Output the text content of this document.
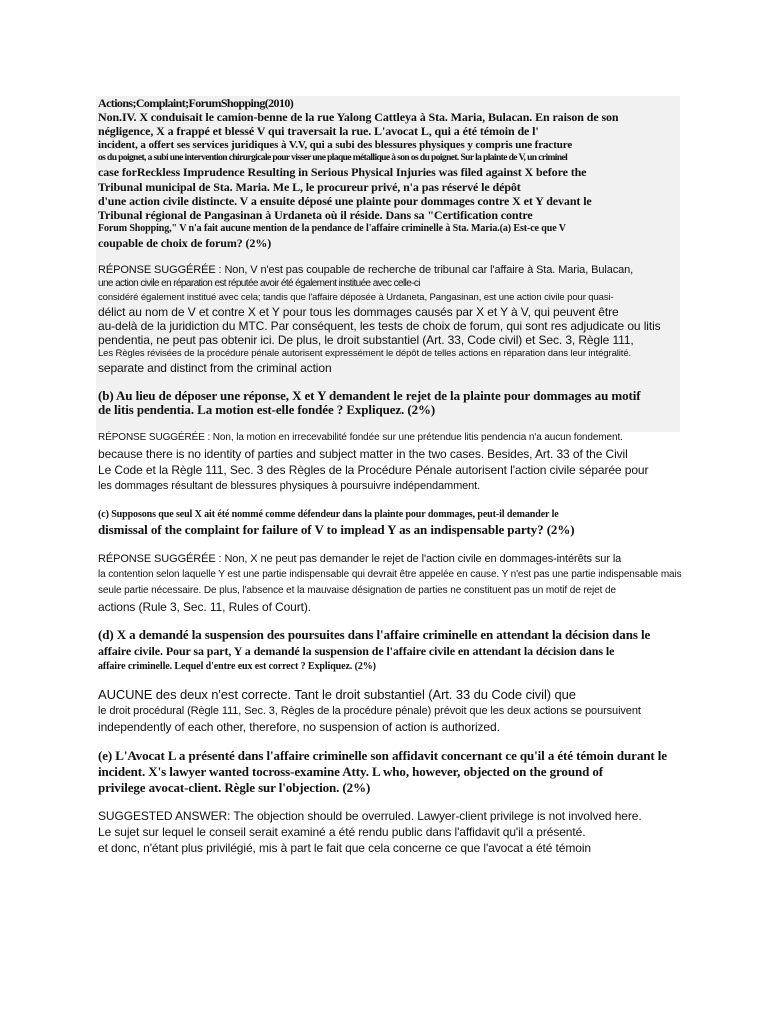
Actions;Complaint;ForumShopping(2010)
Non.IV. X conduisait le camion-benne de la rue Yalong Cattleya à Sta. Maria, Bulacan. En raison de son
négligence, X a frappé et blessé V qui traversait la rue. L'avocat L, qui a été témoin de l'
incident, a offert ses services juridiques à V.V, qui a subi des blessures physiques y compris une fracture
os du poignet, a subi une intervention chirurgicale pour visser une plaque métallique à son os du poignet. Sur la plainte de V, un criminel
case forReckless Imprudence Resulting in Serious Physical Injuries was filed against X before the
Tribunal municipal de Sta. Maria. Me L, le procureur privé, n'a pas réservé le dépôt
d'une action civile distincte. V a ensuite déposé une plainte pour dommages contre X et Y devant le
Tribunal régional de Pangasinan à Urdaneta où il réside. Dans sa "Certification contre
Forum Shopping," V n'a fait aucune mention de la pendance de l'affaire criminelle à Sta. Maria.(a) Est-ce que V
coupable de choix de forum? (2%)
RÉPONSE SUGGÉRÉE : Non, V n'est pas coupable de recherche de tribunal car l'affaire à Sta. Maria, Bulacan,
une action civile en réparation est réputée avoir été également instituée avec celle-ci
considéré également institué avec cela; tandis que l'affaire déposée à Urdaneta, Pangasinan, est une action civile pour quasi-
délict au nom de V et contre X et Y pour tous les dommages causés par X et Y à V, qui peuvent être
au-delà de la juridiction du MTC. Par conséquent, les tests de choix de forum, qui sont res adjudicate ou litis
pendentia, ne peut pas obtenir ici. De plus, le droit substantiel (Art. 33, Code civil) et Sec. 3, Règle 111,
Les Règles révisées de la procédure pénale autorisent expressément le dépôt de telles actions en réparation dans leur intégralité.
separate and distinct from the criminal action
(b) Au lieu de déposer une réponse, X et Y demandent le rejet de la plainte pour dommages au motif
de litis pendentia. La motion est-elle fondée ? Expliquez. (2%)
RÉPONSE SUGGÉRÉE : Non, la motion en irrecevabilité fondée sur une prétendue litis pendencia n'a aucun fondement.
because there is no identity of parties and subject matter in the two cases. Besides, Art. 33 of the Civil
Le Code et la Règle 111, Sec. 3 des Règles de la Procédure Pénale autorisent l'action civile séparée pour
les dommages résultant de blessures physiques à poursuivre indépendamment.
(c) Supposons que seul X ait été nommé comme défendeur dans la plainte pour dommages, peut-il demander le
dismissal of the complaint for failure of V to implead Y as an indispensable party? (2%)
RÉPONSE SUGGÉRÉE : Non, X ne peut pas demander le rejet de l'action civile en dommages-intérêts sur la
la contention selon laquelle Y est une partie indispensable qui devrait être appelée en cause. Y n'est pas une partie indispensable mais
seule partie nécessaire. De plus, l'absence et la mauvaise désignation de parties ne constituent pas un motif de rejet de
actions (Rule 3, Sec. 11, Rules of Court).
(d) X a demandé la suspension des poursuites dans l'affaire criminelle en attendant la décision dans le
affaire civile. Pour sa part, Y a demandé la suspension de l'affaire civile en attendant la décision dans le
affaire criminelle. Lequel d'entre eux est correct ? Expliquez. (2%)
AUCUNE des deux n'est correcte. Tant le droit substantiel (Art. 33 du Code civil) que
le droit procédural (Règle 111, Sec. 3, Règles de la procédure pénale) prévoit que les deux actions se poursuivent
independently of each other, therefore, no suspension of action is authorized.
(e) L'Avocat L a présenté dans l'affaire criminelle son affidavit concernant ce qu'il a été témoin durant le
incident. X's lawyer wanted tocross-examine Atty. L who, however, objected on the ground of
privilege avocat-client. Règle sur l'objection. (2%)
SUGGESTED ANSWER: The objection should be overruled. Lawyer-client privilege is not involved here.
Le sujet sur lequel le conseil serait examiné a été rendu public dans l'affidavit qu'il a présenté.
et donc, n'étant plus privilégié, mis à part le fait que cela concerne ce que l'avocat a été témoin
